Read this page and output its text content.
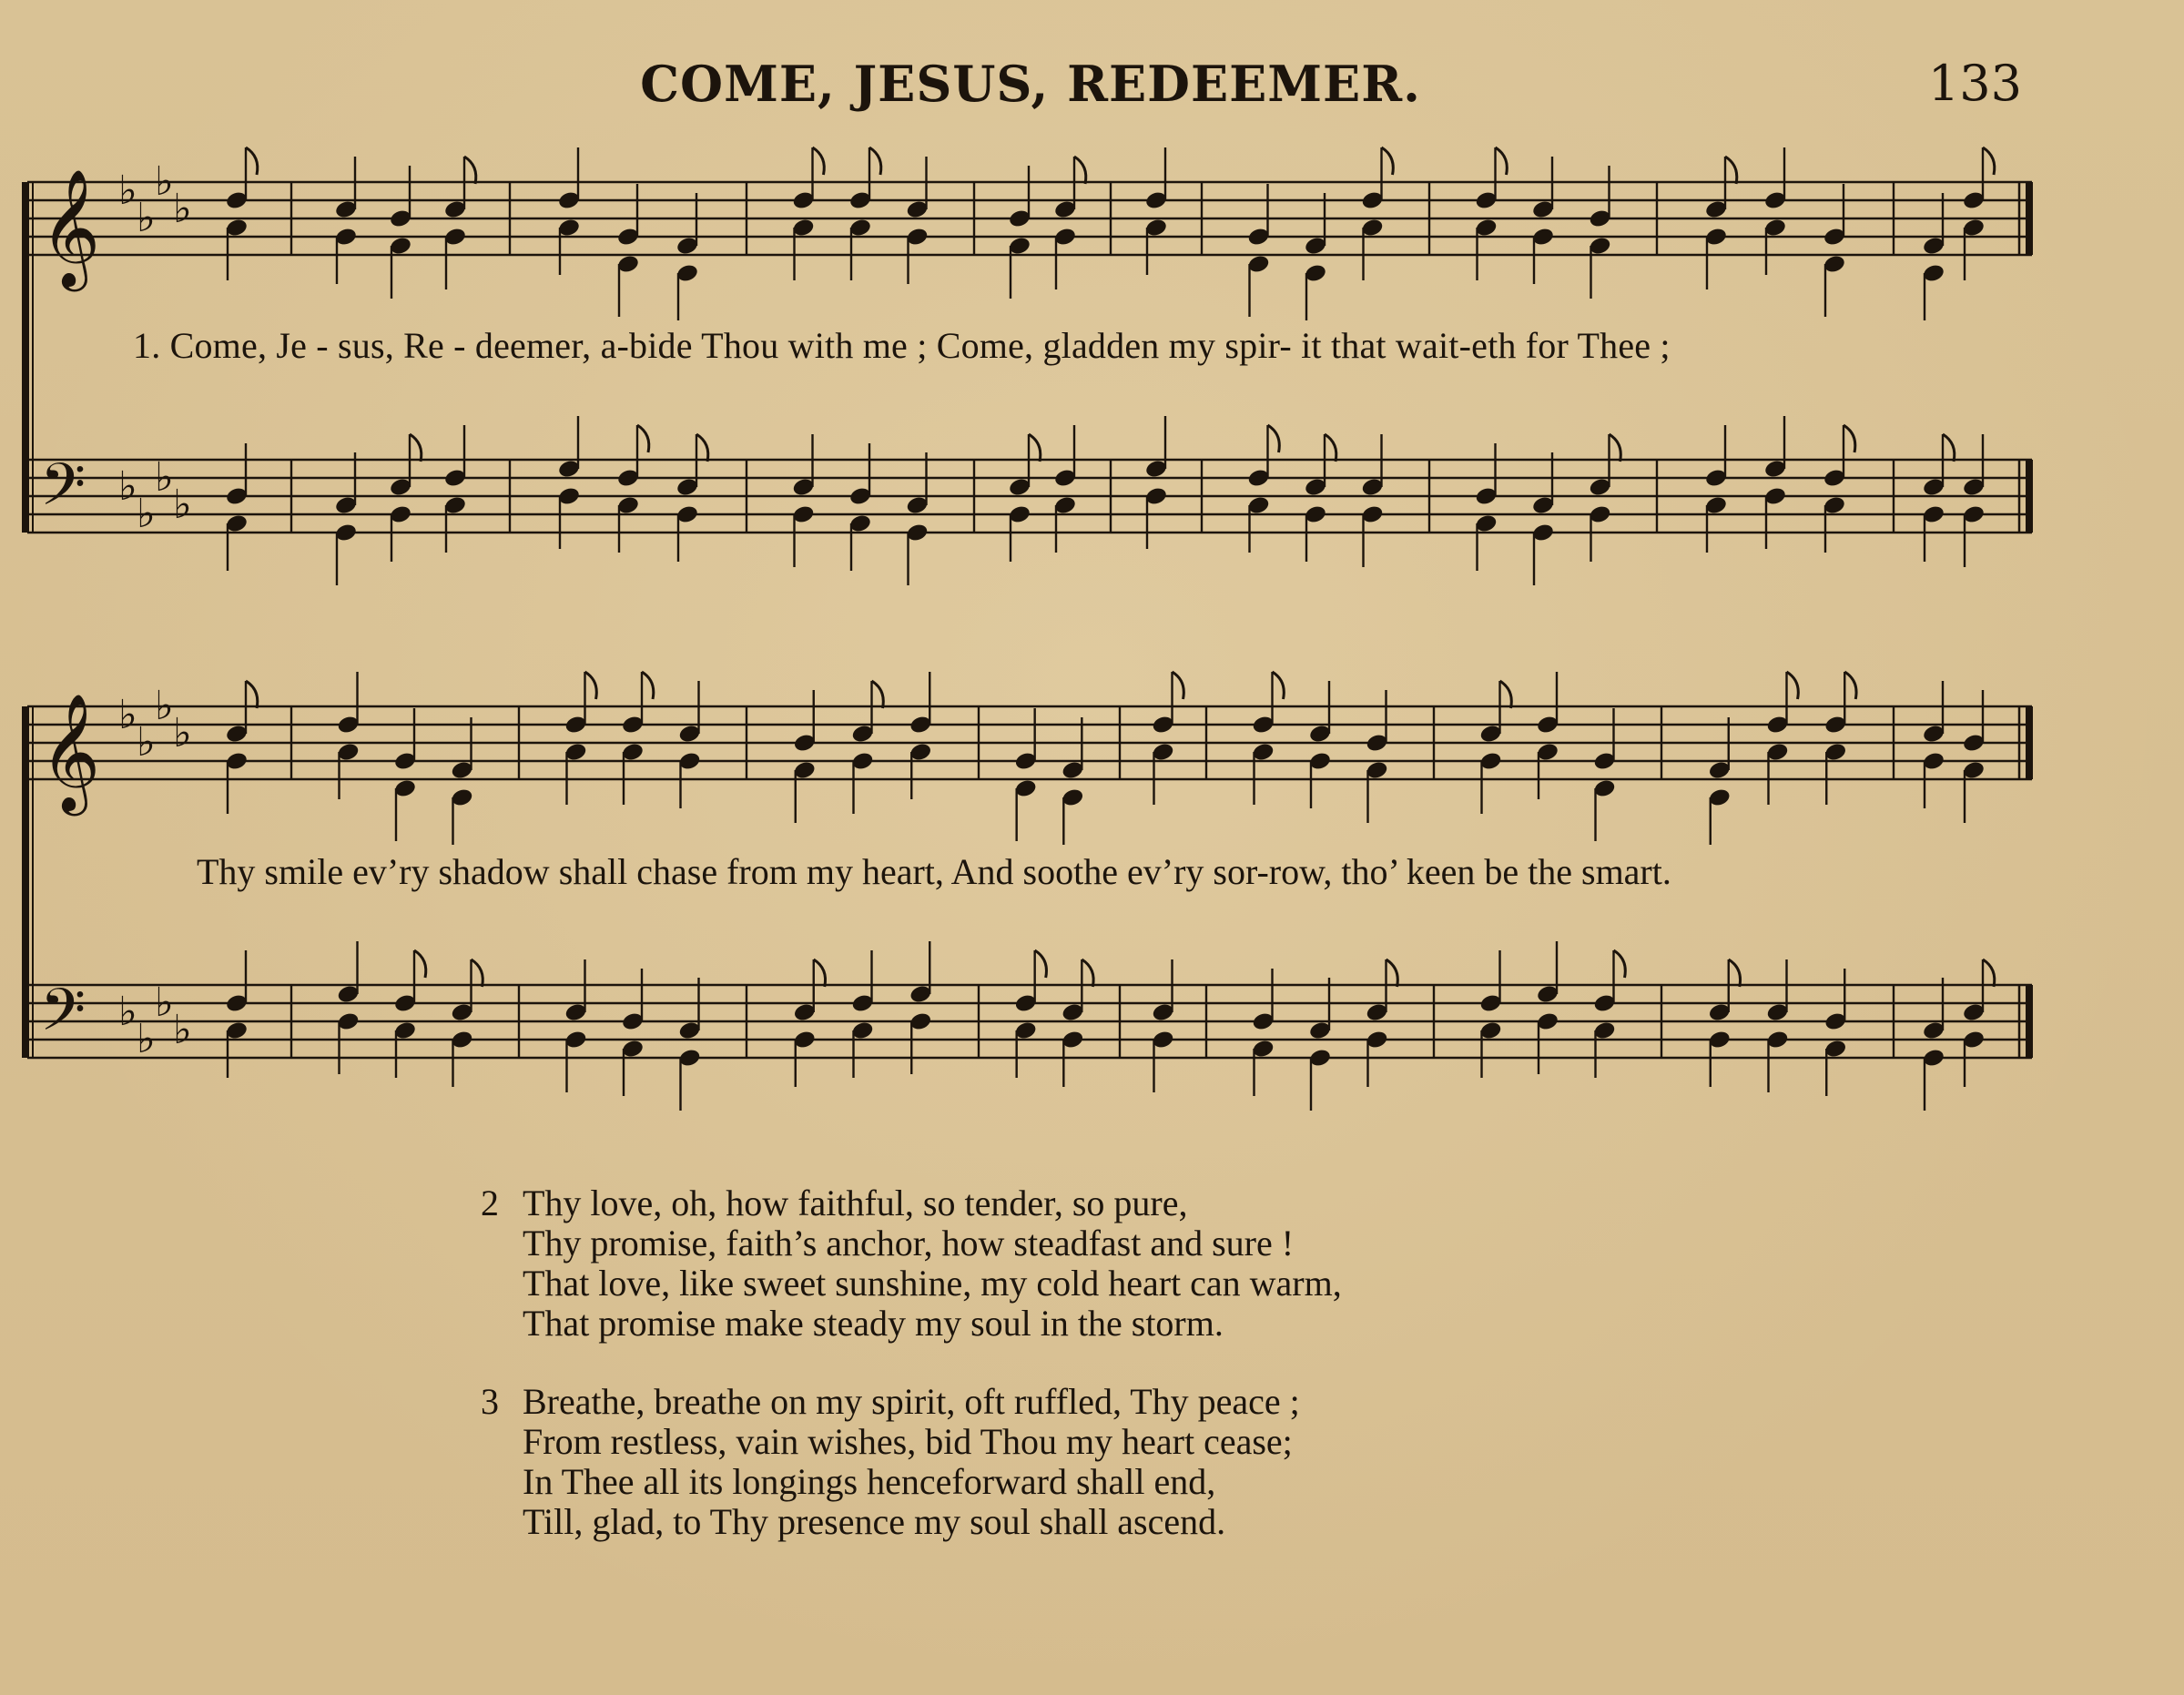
COME, JESUS, REDEEMER.	133
𝄞 ♭
♭
♭
♭
𝄢 ♭
♭
♭
♭
𝄞 ♭
♭
♭
♭
𝄢 ♭
♭
♭
♭
1. Come, Je - sus, Re - deemer, a-bide Thou with me ; Come, gladden my spir- it that wait-eth for Thee ;
Thy smile ev’ry shadow shall chase from my heart, And soothe ev’ry sor-row, tho’ keen be the smart.
2 Thy love, oh, how faithful, so tender, so pure,
Thy promise, faith’s anchor, how steadfast and sure !
That love, like sweet sunshine, my cold heart can warm,
That promise make steady my soul in the storm.
3 Breathe, breathe on my spirit, oft ruffled, Thy peace ;
From restless, vain wishes, bid Thou my heart cease;
In Thee all its longings henceforward shall end,
Till, glad, to Thy presence my soul shall ascend.
